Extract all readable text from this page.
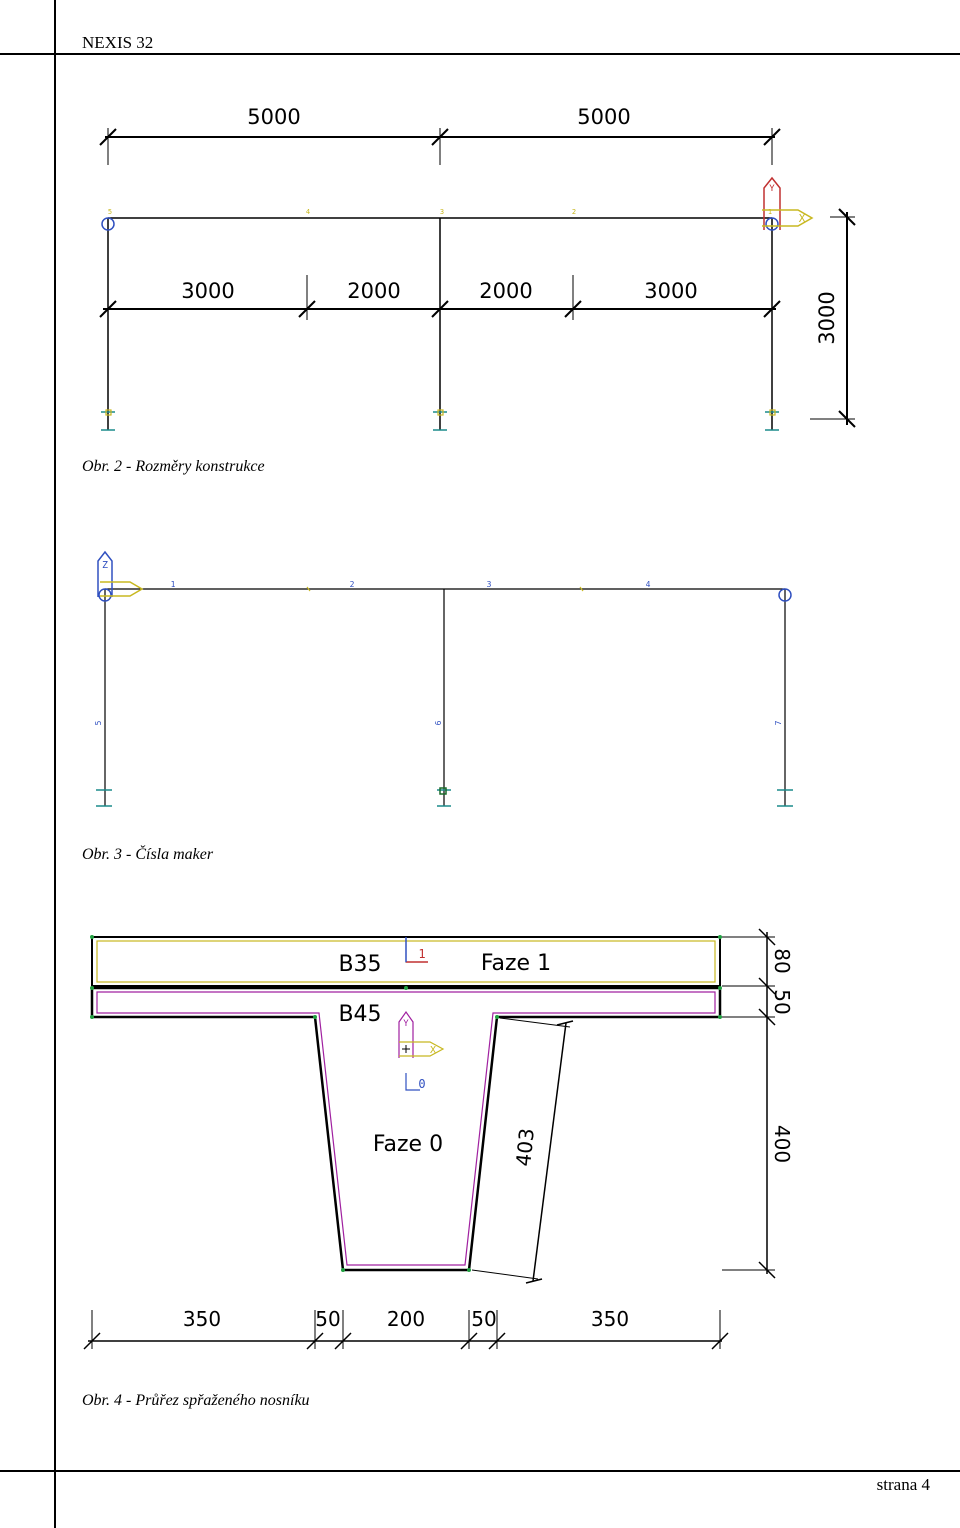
NEXIS 32
strana 4
5000	5000
3000	2000	2000	3000
3000
Y
X
5	4	3	2	1
Z
1	2	3	4
5	6	7
B35	Faze 1
B45
Faze 0
1
0
Y
X
80
50
400
403
350	50 200 50	350
Obr. 2 - Rozměry konstrukce
Obr. 3 - Čísla maker
Obr. 4 - Průřez spřaženého nosníku
